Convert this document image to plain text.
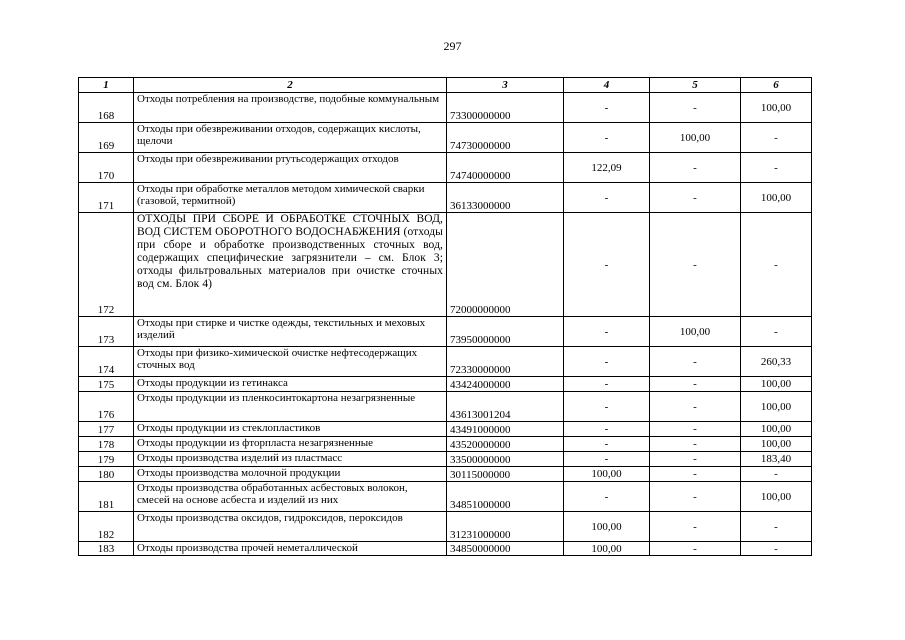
297
1	2	3	4	5	6
168	Отходы потребления на производстве, подобные коммунальным	73300000000	-	-	100,00
169	Отходы при обезвреживании отходов, содержащих кислоты, щелочи	74730000000	-	100,00	-
170	Отходы при обезвреживании ртутьсодержащих отходов	74740000000	122,09	-	-
171	Отходы при обработке металлов методом химической сварки (газовой, термитной)	36133000000	-	-	100,00
172	ОТХОДЫ ПРИ СБОРЕ И ОБРАБОТКЕ СТОЧНЫХ ВОД, ВОД СИСТЕМ ОБОРОТНОГО ВОДОСНАБЖЕНИЯ (отходы при сборе и обработке производственных сточных вод, содержащих специфические загрязнители – см. Блок 3; отходы фильтровальных материалов при очистке сточных вод см. Блок 4)	72000000000	-	-	-
173	Отходы при стирке и чистке одежды, текстильных и меховых изделий	73950000000	-	100,00	-
174	Отходы при физико-химической очистке нефтесодержащих сточных вод	72330000000	-	-	260,33
175	Отходы продукции из гетинакса	43424000000	-	-	100,00
176	Отходы продукции из пленкосинтокартона незагрязненные	43613001204	-	-	100,00
177	Отходы продукции из стеклопластиков	43491000000	-	-	100,00
178	Отходы продукции из фторпласта незагрязненные	43520000000	-	-	100,00
179	Отходы производства изделий из пластмасс	33500000000	-	-	183,40
180	Отходы производства молочной продукции	30115000000	100,00	-	-
181	Отходы производства обработанных асбестовых волокон, смесей на основе асбеста и изделий из них	34851000000	-	-	100,00
182	Отходы производства оксидов, гидроксидов, пероксидов	31231000000	100,00	-	-
183	Отходы производства прочей неметаллической	34850000000	100,00	-	-
